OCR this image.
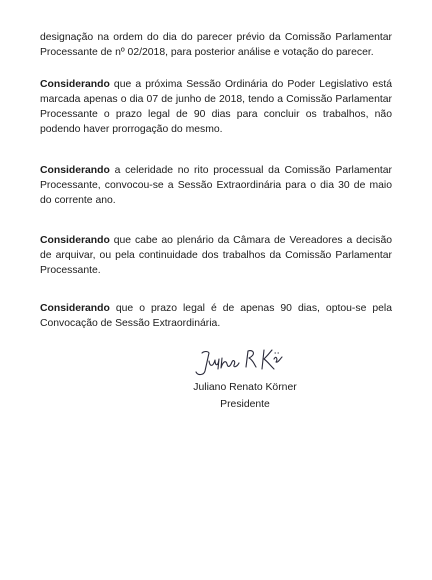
designação na ordem do dia do parecer prévio da Comissão Parlamentar Processante de nº 02/2018, para posterior análise e votação do parecer.

Considerando que a próxima Sessão Ordinária do Poder Legislativo está marcada apenas o dia 07 de junho de 2018, tendo a Comissão Parlamentar Processante o prazo legal de 90 dias para concluir os trabalhos, não podendo haver prorrogação do mesmo.

Considerando a celeridade no rito processual da Comissão Parlamentar Processante, convocou-se a Sessão Extraordinária para o dia 30 de maio do corrente ano.

Considerando que cabe ao plenário da Câmara de Vereadores a decisão de arquivar, ou pela continuidade dos trabalhos da Comissão Parlamentar Processante.

Considerando que o prazo legal é de apenas 90 dias, optou-se pela Convocação de Sessão Extraordinária.

Juliano Renato Körner

Presidente
